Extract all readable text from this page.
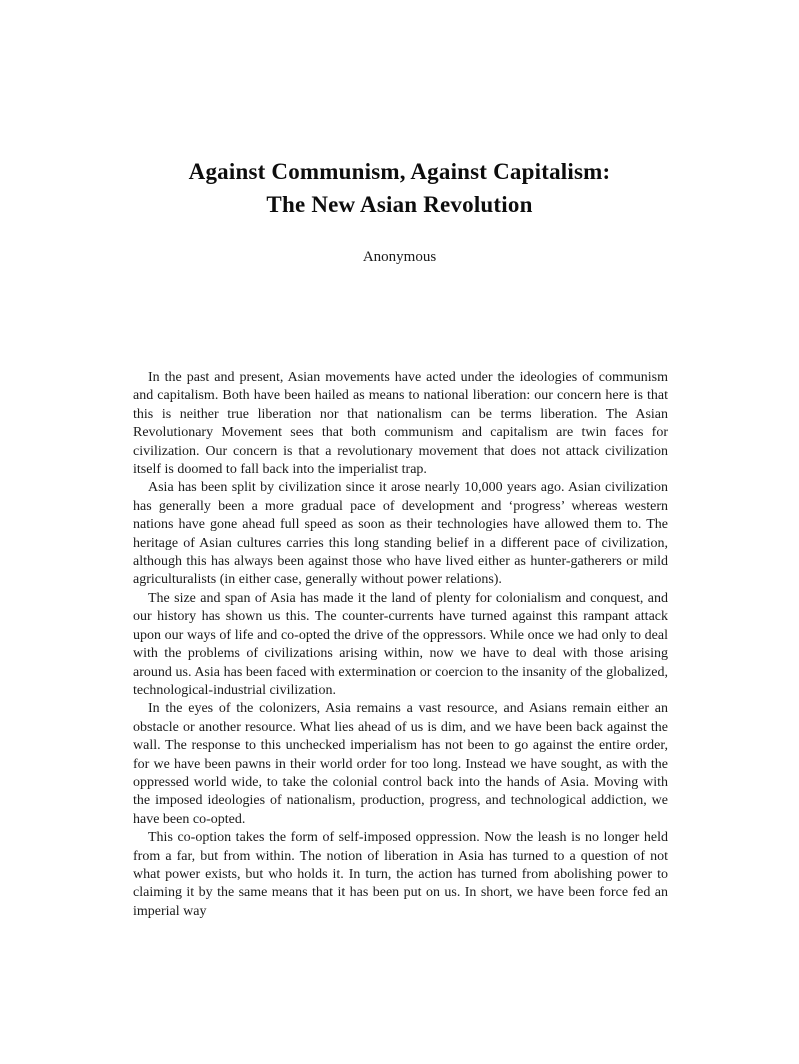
Against Communism, Against Capitalism:
The New Asian Revolution
Anonymous

In the past and present, Asian movements have acted under the ideologies of communism and capitalism. Both have been hailed as means to national liberation: our concern here is that this is neither true liberation nor that nationalism can be terms liberation. The Asian Revolutionary Movement sees that both communism and capitalism are twin faces for civilization. Our concern is that a revolutionary movement that does not attack civilization itself is doomed to fall back into the imperialist trap.

Asia has been split by civilization since it arose nearly 10,000 years ago. Asian civilization has generally been a more gradual pace of development and ‘progress’ whereas western nations have gone ahead full speed as soon as their technologies have allowed them to. The heritage of Asian cultures carries this long standing belief in a different pace of civilization, although this has always been against those who have lived either as hunter-gatherers or mild agriculturalists (in either case, generally without power relations).

The size and span of Asia has made it the land of plenty for colonialism and conquest, and our history has shown us this. The counter-currents have turned against this rampant attack upon our ways of life and co-opted the drive of the oppressors. While once we had only to deal with the problems of civilizations arising within, now we have to deal with those arising around us. Asia has been faced with extermination or coercion to the insanity of the globalized, technological-industrial civilization.

In the eyes of the colonizers, Asia remains a vast resource, and Asians remain either an obstacle or another resource. What lies ahead of us is dim, and we have been back against the wall. The response to this unchecked imperialism has not been to go against the entire order, for we have been pawns in their world order for too long. Instead we have sought, as with the oppressed world wide, to take the colonial control back into the hands of Asia. Moving with the imposed ideologies of nationalism, production, progress, and technological addiction, we have been co-opted.

This co-option takes the form of self-imposed oppression. Now the leash is no longer held from a far, but from within. The notion of liberation in Asia has turned to a question of not what power exists, but who holds it. In turn, the action has turned from abolishing power to claiming it by the same means that it has been put on us. In short, we have been force fed an imperial way
